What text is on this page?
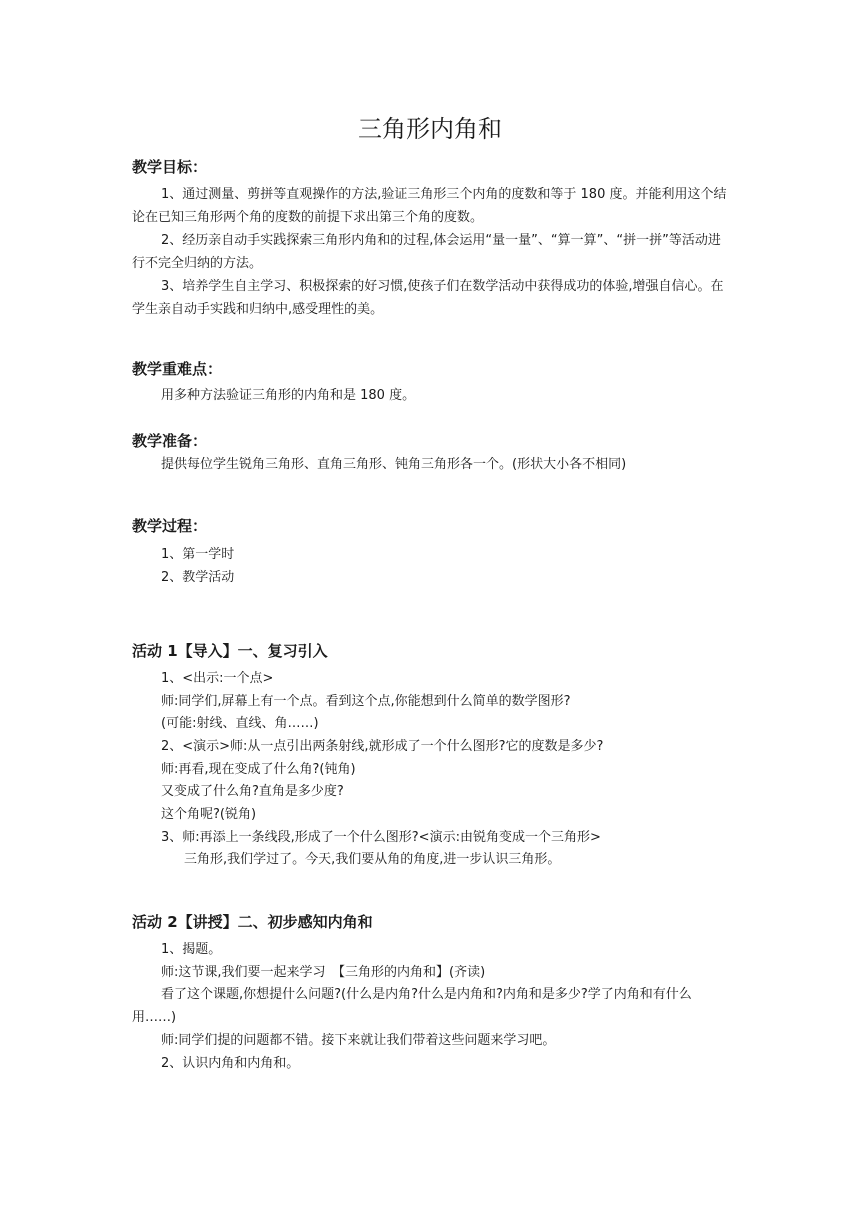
三角形内角和
教学目标：
1、通过测量、剪拼等直观操作的方法,验证三角形三个内角的度数和等于 180 度。并能利用这个结论在已知三角形两个角的度数的前提下求出第三个角的度数。
2、经历亲自动手实践探索三角形内角和的过程,体会运用“量一量”、“算一算”、“拼一拼”等活动进行不完全归纳的方法。
3、培养学生自主学习、积极探索的好习惯,使孩子们在数学活动中获得成功的体验,增强自信心。在学生亲自动手实践和归纳中,感受理性的美。
教学重难点：
用多种方法验证三角形的内角和是 180 度。
教学准备：
提供每位学生锐角三角形、直角三角形、钝角三角形各一个。(形状大小各不相同)
教学过程：
1、第一学时
2、教学活动
活动 1【导入】一、复习引入
1、<出示:一个点>
师:同学们,屏幕上有一个点。看到这个点,你能想到什么简单的数学图形?
(可能:射线、直线、角……)
2、<演示>师:从一点引出两条射线,就形成了一个什么图形?它的度数是多少?
师:再看,现在变成了什么角?(钝角)
又变成了什么角?直角是多少度?
这个角呢?(锐角)
3、师:再添上一条线段,形成了一个什么图形?<演示:由锐角变成一个三角形>
三角形,我们学过了。今天,我们要从角的角度,进一步认识三角形。
活动 2【讲授】二、初步感知内角和
1、揭题。
师:这节课,我们要一起来学习　【三角形的内角和】(齐读)
看了这个课题,你想提什么问题?(什么是内角?什么是内角和?内角和是多少?学了内角和有什么用……)
师:同学们提的问题都不错。接下来就让我们带着这些问题来学习吧。
2、认识内角和内角和。
